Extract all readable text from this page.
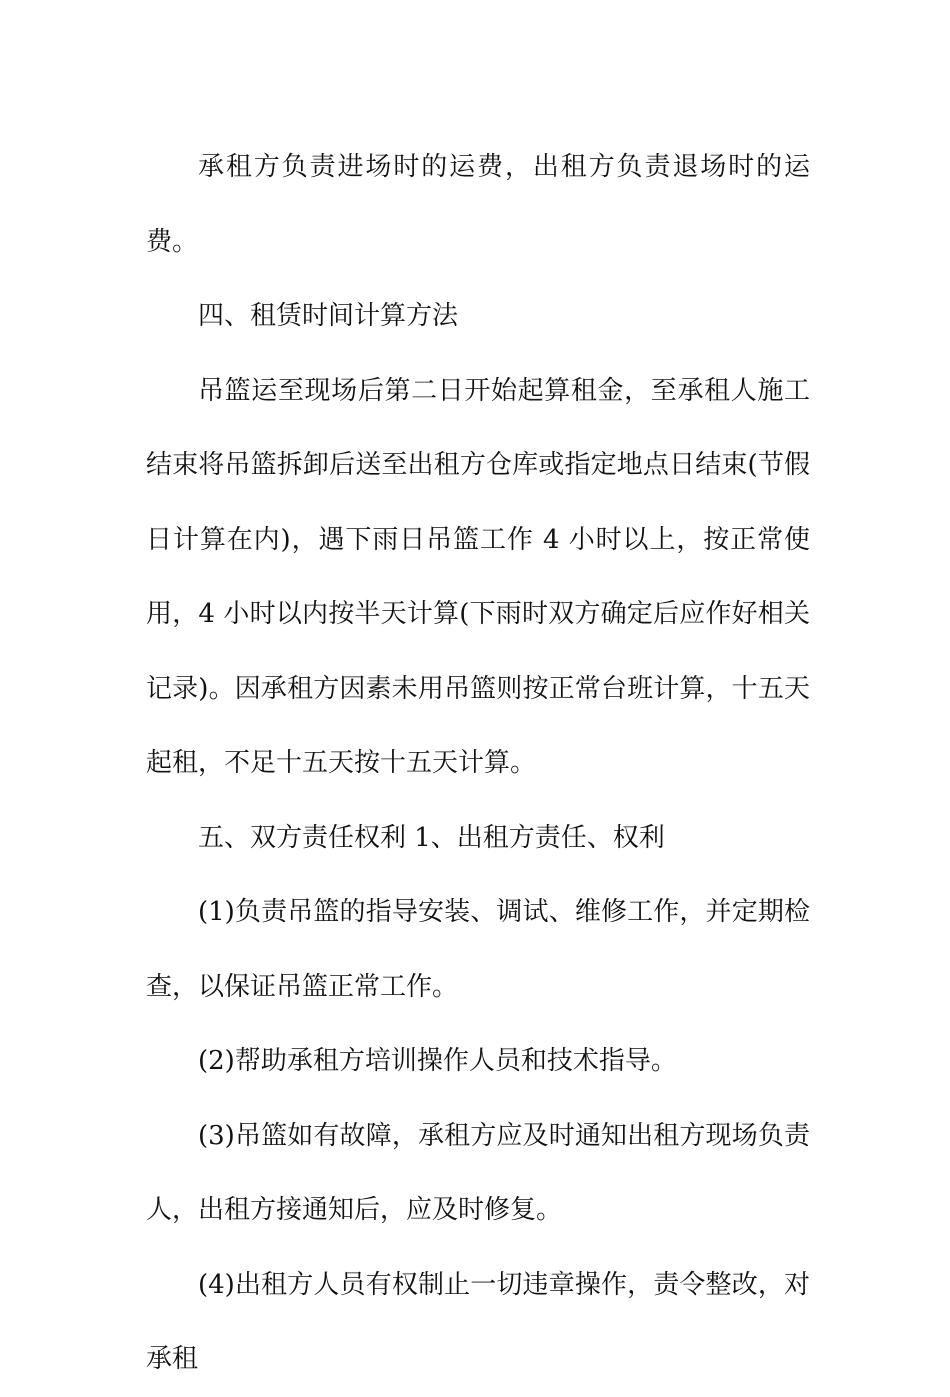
承租方负责进场时的运费，出租方负责退场时的运费。

四、租赁时间计算方法

吊篮运至现场后第二日开始起算租金，至承租人施工结束将吊篮拆卸后送至出租方仓库或指定地点日结束(节假日计算在内)，遇下雨日吊篮工作 4 小时以上，按正常使用，4 小时以内按半天计算(下雨时双方确定后应作好相关记录)。因承租方因素未用吊篮则按正常台班计算，十五天起租，不足十五天按十五天计算。

五、双方责任权利 1、出租方责任、权利

(1)负责吊篮的指导安装、调试、维修工作，并定期检查，以保证吊篮正常工作。

(2)帮助承租方培训操作人员和技术指导。

(3)吊篮如有故障，承租方应及时通知出租方现场负责人，出租方接通知后，应及时修复。

(4)出租方人员有权制止一切违章操作，责令整改，对承租
